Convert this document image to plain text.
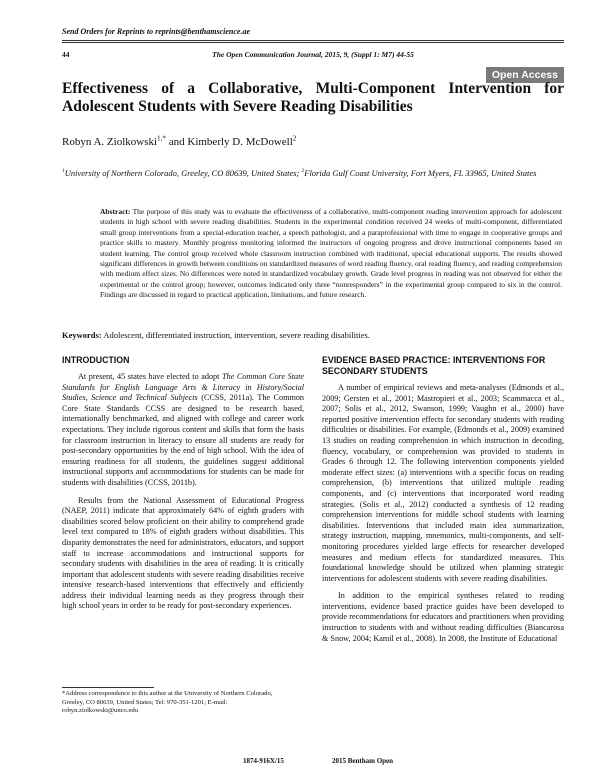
Send Orders for Reprints to reprints@benthamscience.ae
44	The Open Communication Journal, 2015, 9, (Suppl 1: M7) 44-55
Open Access
Effectiveness of a Collaborative, Multi-Component Intervention for Adolescent Students with Severe Reading Disabilities
Robyn A. Ziolkowski$^{1,*}$ and Kimberly D. McDowell$^2$
$^1$University of Northern Colorado, Greeley, CO 80639, United States; $^2$Florida Gulf Coast University, Fort Myers, FL 33965, United States

Abstract: The purpose of this study was to evaluate the effectiveness of a collaborative, multi-component reading intervention approach for adolescent students in high school with severe reading disabilities. Students in the experimental condition received 24 weeks of multi-component, differentiated small group interventions from a special-education teacher, a speech pathologist, and a paraprofessional with time to engage in cooperative groups and practice skills to mastery. Monthly progress monitoring informed the instructors of ongoing progress and drove instructional components based on student learning. The control group received whole classroom instruction combined with traditional, special educational supports. The results showed significant differences in growth between conditions on standardized measures of word reading fluency, oral reading fluency, and reading comprehension with medium effect sizes. No differences were noted in standardized vocabulary growth. Grade level progress in reading was not observed for either the experimental or the control group; however, outcomes indicated only three “nonresponders” in the experimental group compared to six in the control. Findings are discussed in regard to practical application, limitations, and future research.

Keywords: Adolescent, differentiated instruction, intervention, severe reading disabilities.
INTRODUCTION

At present, 45 states have elected to adopt The Common Core State Standards for English Language Arts & Literacy in History/Social Studies, Science and Technical Subjects (CCSS, 2011a). The Common Core State Standards CCSS are designed to be research based, internationally benchmarked, and aligned with college and career work expectations. They include rigorous content and skills that form the basis for classroom instruction in literacy to ensure all students are ready for post-secondary opportunities by the end of high school. With the idea of ensuring readiness for all students, the guidelines suggest additional instructional supports and accommodations for students can be made for students with disabilities (CCSS, 2011b).

Results from the National Assessment of Educational Progress (NAEP, 2011) indicate that approximately 64% of eighth graders with disabilities scored below proficient on their ability to comprehend grade level text compared to 18% of eighth graders without disabilities. This disparity demonstrates the need for administrators, educators, and support staff to increase accommodations and instructional supports for secondary students with disabilities in the area of reading. It is critically important that adolescent students with severe reading disabilities receive intensive research-based interventions that effectively and efficiently address their individual learning needs as they progress through their high school years in order to be ready for post-secondary experiences.

EVIDENCE BASED PRACTICE: INTERVENTIONS FOR SECONDARY STUDENTS

A number of empirical reviews and meta-analyses (Edmonds et al., 2009; Gersten et al., 2001; Mastropieri et al., 2003; Scammacca et al., 2007; Solis et al., 2012, Swanson, 1999; Vaughn et al., 2000) have reported positive intervention effects for secondary students with reading difficulties or disabilities. For example, (Edmonds et al., 2009) examined 13 studies on reading comprehension in which instruction in decoding, fluency, vocabulary, or comprehension was provided to students in Grades 6 through 12. The following intervention components yielded moderate effect sizes: (a) interventions with a specific focus on reading comprehension, (b) interventions that utilized multiple reading components, and (c) interventions that incorporated word reading strategies. (Solis et al., 2012) conducted a synthesis of 12 reading comprehension interventions for middle school students with learning disabilities. Interventions that included main idea summarization, strategy instruction, mapping, mnemonics, multi-components, and self-monitoring procedures yielded large effects for researcher developed measures and medium effects for standardized measures. This foundational knowledge should be utilized when planning strategic interventions for adolescent students with severe reading disabilities.

In addition to the empirical syntheses related to reading interventions, evidence based practice guides have been developed to provide recommendations for educators and practitioners when providing instruction to students with and without reading difficulties (Biancarosa & Snow, 2004; Kamil et al., 2008). In 2008, the Institute of Educational

*Address correspondence to this author at the University of Northern Colorado, Greeley, CO 80639, United States; Tel: 970-351-1201; E-mail: robyn.ziolkowski@unco.edu
1874-916X/15	2015 Bentham Open
